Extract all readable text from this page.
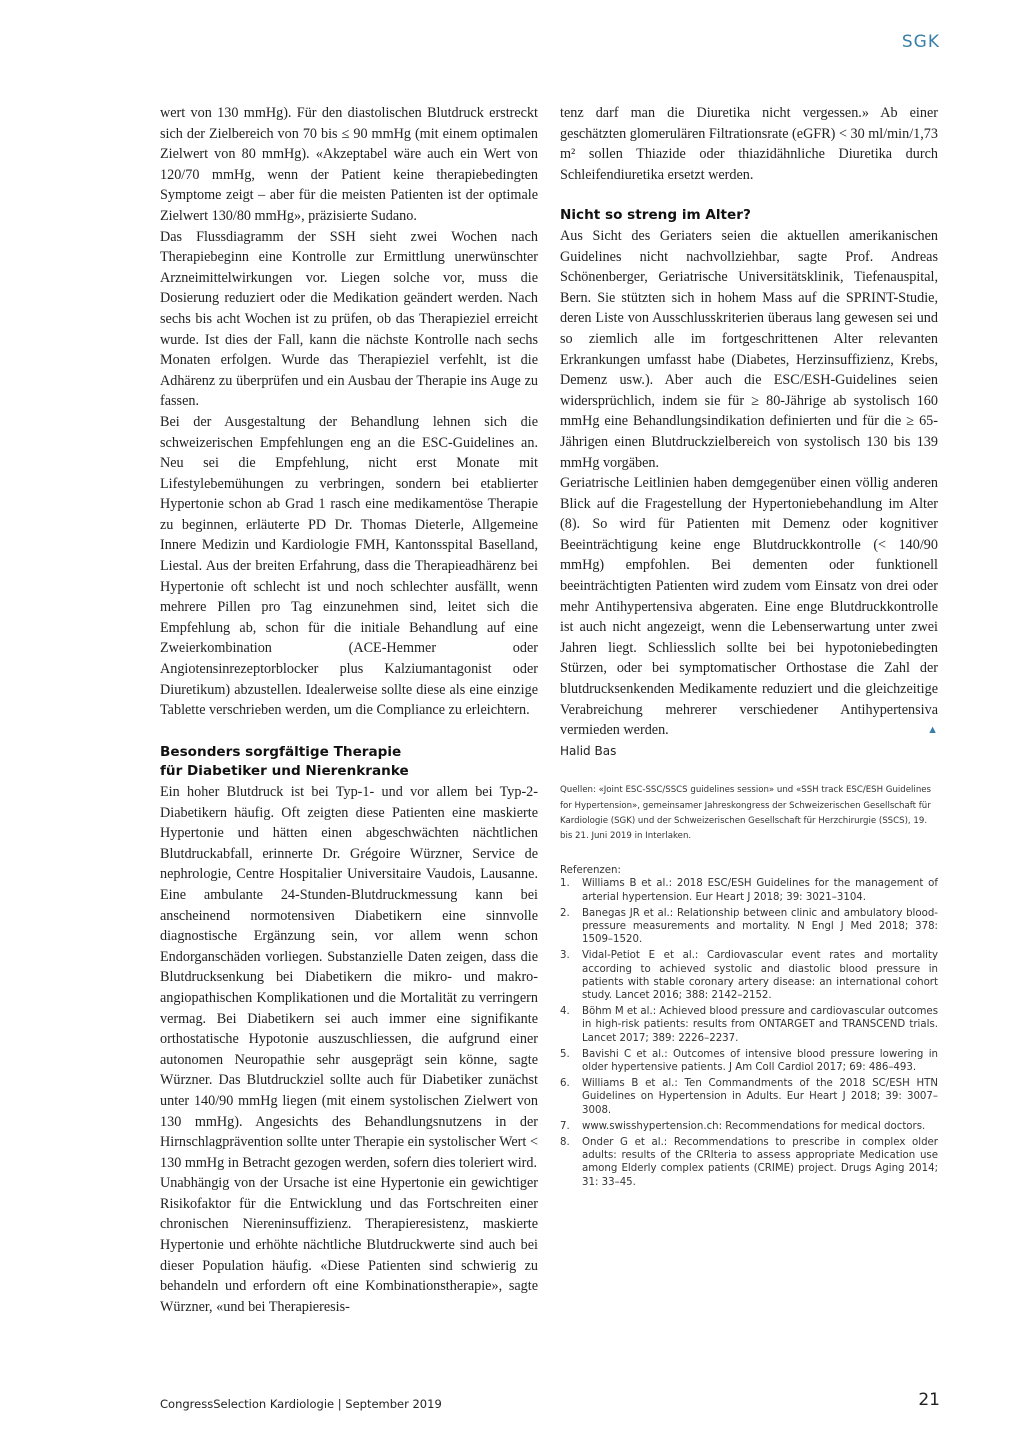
SGK

wert von 130 mmHg). Für den diastolischen Blutdruck erstreckt sich der Zielbereich von 70 bis ≤ 90 mmHg (mit einem optimalen Zielwert von 80 mmHg). «Akzeptabel wäre auch ein Wert von 120/70 mmHg, wenn der Patient keine therapiebedingten Symptome zeigt – aber für die meisten Patienten ist der optimale Zielwert 130/80 mmHg», präzisierte Sudano.

Das Flussdiagramm der SSH sieht zwei Wochen nach Therapiebeginn eine Kontrolle zur Ermittlung unerwünschter Arzneimittelwirkungen vor. Liegen solche vor, muss die Dosierung reduziert oder die Medikation geändert werden. Nach sechs bis acht Wochen ist zu prüfen, ob das Therapieziel erreicht wurde. Ist dies der Fall, kann die nächste Kontrolle nach sechs Monaten erfolgen. Wurde das Therapieziel verfehlt, ist die Adhärenz zu überprüfen und ein Ausbau der Therapie ins Auge zu fassen.

Bei der Ausgestaltung der Behandlung lehnen sich die schweizerischen Empfehlungen eng an die ESC-Guidelines an. Neu sei die Empfehlung, nicht erst Monate mit Lifestylebemühungen zu verbringen, sondern bei etablierter Hypertonie schon ab Grad 1 rasch eine medikamentöse Therapie zu beginnen, erläuterte PD Dr. Thomas Dieterle, Allgemeine Innere Medizin und Kardiologie FMH, Kantonsspital Baselland, Liestal. Aus der breiten Erfahrung, dass die Therapieadhärenz bei Hypertonie oft schlecht ist und noch schlechter ausfällt, wenn mehrere Pillen pro Tag einzunehmen sind, leitet sich die Empfehlung ab, schon für die initiale Behandlung auf eine Zweierkombination (ACE-Hemmer oder Angiotensinrezeptorblocker plus Kalziumantagonist oder Diuretikum) abzustellen. Idealerweise sollte diese als eine einzige Tablette verschrieben werden, um die Compliance zu erleichtern.

Besonders sorgfältige Therapie
für Diabetiker und Nierenkranke

Ein hoher Blutdruck ist bei Typ-1- und vor allem bei Typ-2-Diabetikern häufig. Oft zeigten diese Patienten eine maskierte Hypertonie und hätten einen abgeschwächten nächtlichen Blutdruckabfall, erinnerte Dr. Grégoire Würzner, Service de nephrologie, Centre Hospitalier Universitaire Vaudois, Lausanne. Eine ambulante 24-Stunden-Blutdruckmessung kann bei anscheinend normotensiven Diabetikern eine sinnvolle diagnostische Ergänzung sein, vor allem wenn schon Endorganschäden vorliegen. Substanzielle Daten zeigen, dass die Blutdrucksenkung bei Diabetikern die mikro- und makro-angiopathischen Komplikationen und die Mortalität zu verringern vermag. Bei Diabetikern sei auch immer eine signifikante orthostatische Hypotonie auszuschliessen, die aufgrund einer autonomen Neuropathie sehr ausgeprägt sein könne, sagte Würzner. Das Blutdruckziel sollte auch für Diabetiker zunächst unter 140/90 mmHg liegen (mit einem systolischen Zielwert von 130 mmHg). Angesichts des Behandlungsnutzens in der Hirnschlagprävention sollte unter Therapie ein systolischer Wert < 130 mmHg in Betracht gezogen werden, sofern dies toleriert wird.

Unabhängig von der Ursache ist eine Hypertonie ein gewichtiger Risikofaktor für die Entwicklung und das Fortschreiten einer chronischen Niereninsuffizienz. Therapieresistenz, maskierte Hypertonie und erhöhte nächtliche Blutdruckwerte sind auch bei dieser Population häufig. «Diese Patienten sind schwierig zu behandeln und erfordern oft eine Kombinationstherapie», sagte Würzner, «und bei Therapieresis-

tenz darf man die Diuretika nicht vergessen.» Ab einer geschätzten glomerulären Filtrationsrate (eGFR) < 30 ml/min/1,73 m² sollen Thiazide oder thiazidähnliche Diuretika durch Schleifendiuretika ersetzt werden.

Nicht so streng im Alter?

Aus Sicht des Geriaters seien die aktuellen amerikanischen Guidelines nicht nachvollziehbar, sagte Prof. Andreas Schönenberger, Geriatrische Universitätsklinik, Tiefenauspital, Bern. Sie stützten sich in hohem Mass auf die SPRINT-Studie, deren Liste von Ausschlusskriterien überaus lang gewesen sei und so ziemlich alle im fortgeschrittenen Alter relevanten Erkrankungen umfasst habe (Diabetes, Herzinsuffizienz, Krebs, Demenz usw.). Aber auch die ESC/ESH-Guidelines seien widersprüchlich, indem sie für ≥ 80-Jährige ab systolisch 160 mmHg eine Behandlungsindikation definierten und für die ≥ 65-Jährigen einen Blutdruckzielbereich von systolisch 130 bis 139 mmHg vorgäben.

Geriatrische Leitlinien haben demgegenüber einen völlig anderen Blick auf die Fragestellung der Hypertoniebehandlung im Alter (8). So wird für Patienten mit Demenz oder kognitiver Beeinträchtigung keine enge Blutdruckkontrolle (< 140/90 mmHg) empfohlen. Bei dementen oder funktionell beeinträchtigten Patienten wird zudem vom Einsatz von drei oder mehr Antihypertensiva abgeraten. Eine enge Blutdruckkontrolle ist auch nicht angezeigt, wenn die Lebenserwartung unter zwei Jahren liegt. Schliesslich sollte bei bei hypotoniebedingten Stürzen, oder bei symptomatischer Orthostase die Zahl der blutdrucksenkenden Medikamente reduziert und die gleichzeitige Verabreichung mehrerer verschiedener Antihypertensiva vermieden werden.	▲

Halid Bas

Quellen: «Joint ESC-SSC/SSCS guidelines session» und «SSH track ESC/ESH Guidelines for Hypertension», gemeinsamer Jahreskongress der Schweizerischen Gesellschaft für Kardiologie (SGK) und der Schweizerischen Gesellschaft für Herzchirurgie (SSCS), 19. bis 21. Juni 2019 in Interlaken.

Referenzen:

1.	Williams B et al.: 2018 ESC/ESH Guidelines for the management of arterial hypertension. Eur Heart J 2018; 39: 3021–3104.
2.	Banegas JR et al.: Relationship between clinic and ambulatory blood-pressure measurements and mortality. N Engl J Med 2018; 378: 1509–1520.
3.	Vidal-Petiot E et al.: Cardiovascular event rates and mortality according to achieved systolic and diastolic blood pressure in patients with stable coronary artery disease: an international cohort study. Lancet 2016; 388: 2142–2152.
4.	Böhm M et al.: Achieved blood pressure and cardiovascular outcomes in high-risk patients: results from ONTARGET and TRANSCEND trials. Lancet 2017; 389: 2226–2237.
5.	Bavishi C et al.: Outcomes of intensive blood pressure lowering in older hypertensive patients. J Am Coll Cardiol 2017; 69: 486–493.
6.	Williams B et al.: Ten Commandments of the 2018 SC/ESH HTN Guidelines on Hypertension in Adults. Eur Heart J 2018; 39: 3007–3008.
7.	www.swisshypertension.ch: Recommendations for medical doctors.
8.	Onder G et al.: Recommendations to prescribe in complex older adults: results of the CRIteria to assess appropriate Medication use among Elderly complex patients (CRIME) project. Drugs Aging 2014; 31: 33–45.
CongressSelection Kardiologie | September 2019	21
